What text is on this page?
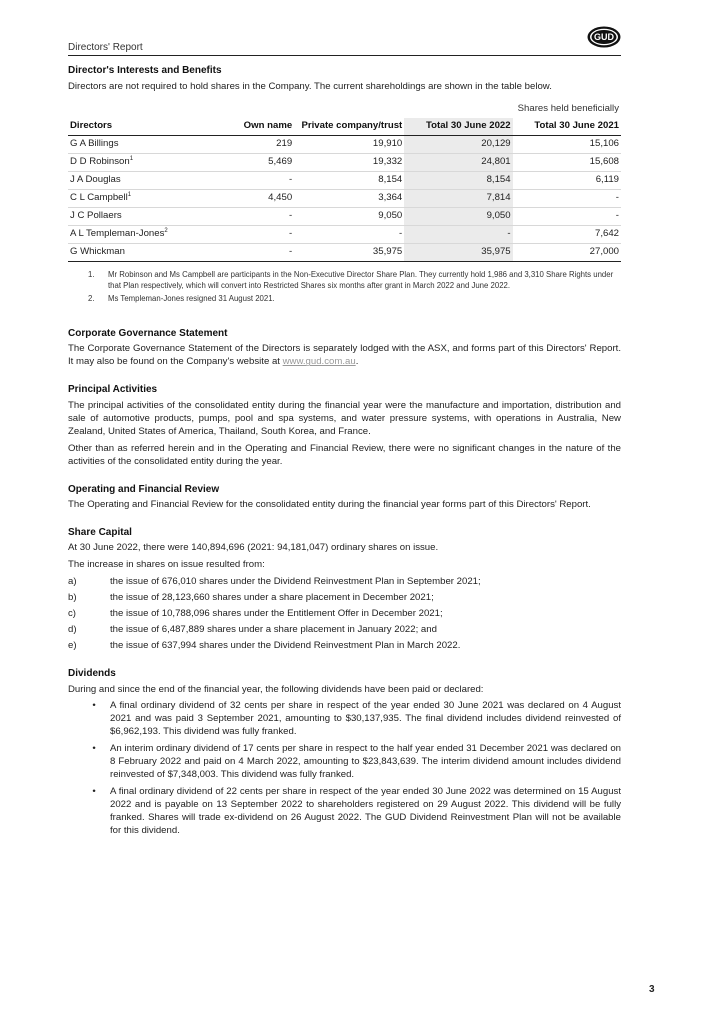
Directors' Report
GUD
Director's Interests and Benefits

Directors are not required to hold shares in the Company. The current shareholdings are shown in the table below.

			Shares held beneficially	
Directors	Own name	Private company/trust	Total 30 June 2022	Total 30 June 2021
G A Billings	219	19,910	20,129	15,106
D D Robinson$^1$	5,469	19,332	24,801	15,608
J A Douglas	-	8,154	8,154	6,119
C L Campbell$^1$	4,450	3,364	7,814	-
J C Pollaers	-	9,050	9,050	-
A L Templeman-Jones$^2$	-	-	-	7,642
G Whickman	-	35,975	35,975	27,000
1.	Mr Robinson and Ms Campbell are participants in the Non-Executive Director Share Plan. They currently hold 1,986 and 3,310 Share Rights under that Plan respectively, which will convert into Restricted Shares six months after grant in March 2022 and June 2022.
2.	Ms Templeman-Jones resigned 31 August 2021.
Corporate Governance Statement

The Corporate Governance Statement of the Directors is separately lodged with the ASX, and forms part of this Directors' Report. It may also be found on the Company's website at www.gud.com.au.

Principal Activities

The principal activities of the consolidated entity during the financial year were the manufacture and importation, distribution and sale of automotive products, pumps, pool and spa systems, and water pressure systems, with operations in Australia, New Zealand, United States of America, Thailand, South Korea, and France.

Other than as referred herein and in the Operating and Financial Review, there were no significant changes in the nature of the activities of the consolidated entity during the year.

Operating and Financial Review

The Operating and Financial Review for the consolidated entity during the financial year forms part of this Directors' Report.

Share Capital

At 30 June 2022, there were 140,894,696 (2021: 94,181,047) ordinary shares on issue.

The increase in shares on issue resulted from:

a)	the issue of 676,010 shares under the Dividend Reinvestment Plan in September 2021;
b)	the issue of 28,123,660 shares under a share placement in December 2021;
c)	the issue of 10,788,096 shares under the Entitlement Offer in December 2021;
d)	the issue of 6,487,889 shares under a share placement in January 2022; and
e)	the issue of 637,994 shares under the Dividend Reinvestment Plan in March 2022.
Dividends

During and since the end of the financial year, the following dividends have been paid or declared:

•	A final ordinary dividend of 32 cents per share in respect of the year ended 30 June 2021 was declared on 4 August 2021 and was paid 3 September 2021, amounting to $30,137,935. The final dividend includes dividend reinvested of $6,962,193. This dividend was fully franked.
•	An interim ordinary dividend of 17 cents per share in respect to the half year ended 31 December 2021 was declared on 8 February 2022 and paid on 4 March 2022, amounting to $23,843,639. The interim dividend amount includes dividend reinvested of $7,348,003. This dividend was fully franked.
•	A final ordinary dividend of 22 cents per share in respect of the year ended 30 June 2022 was determined on 15 August 2022 and is payable on 13 September 2022 to shareholders registered on 29 August 2022. This dividend will be fully franked. Shares will trade ex-dividend on 26 August 2022. The GUD Dividend Reinvestment Plan will not be available for this dividend.
3
